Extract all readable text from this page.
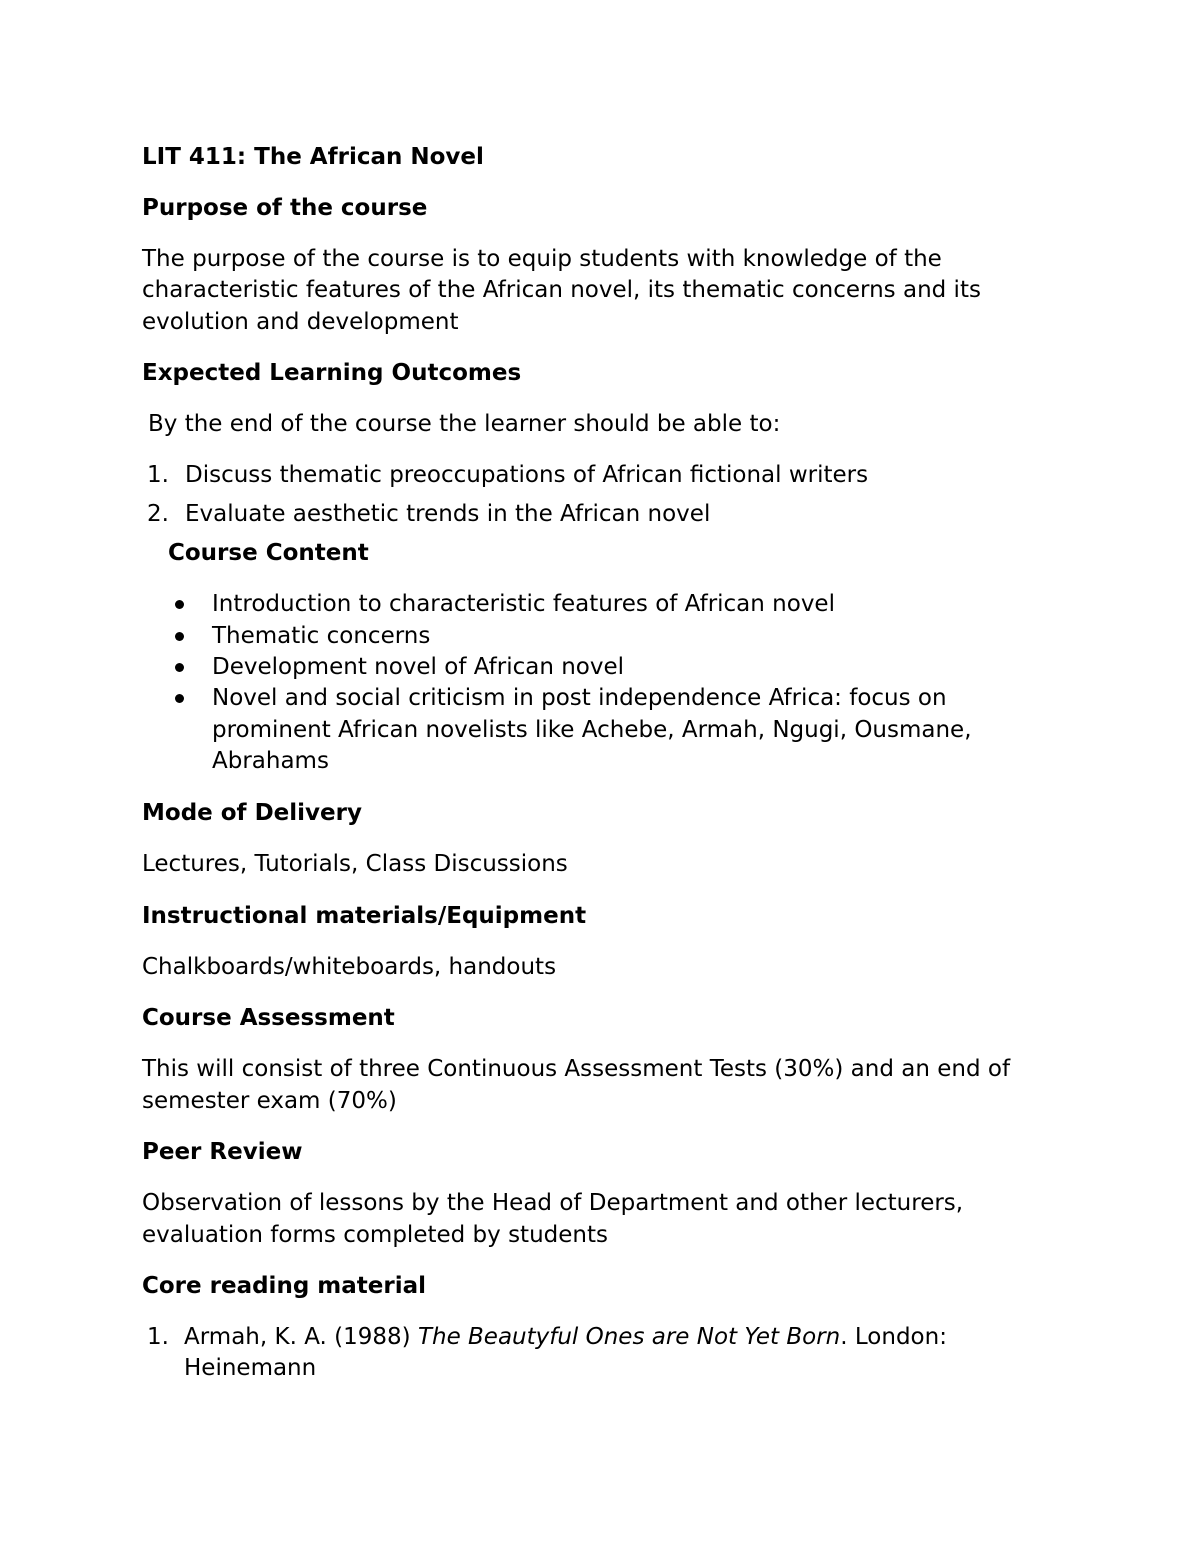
LIT 411: The African Novel
Purpose of the course
The purpose of the course is to equip students with knowledge of the
characteristic features of the African novel, its thematic concerns and its
evolution and development
Expected Learning Outcomes
By the end of the course the learner should be able to:
1. Discuss thematic preoccupations of African fictional writers
2. Evaluate aesthetic trends in the African novel
Course Content
Introduction to characteristic features of African novel
Thematic concerns
Development novel of African novel
Novel and social criticism in post independence Africa: focus on
prominent African novelists like Achebe, Armah, Ngugi, Ousmane,
Abrahams
Mode of Delivery
Lectures, Tutorials, Class Discussions
Instructional materials/Equipment
Chalkboards/whiteboards, handouts
Course Assessment
This will consist of three Continuous Assessment Tests (30%) and an end of
semester exam (70%)
Peer Review
Observation of lessons by the Head of Department and other lecturers,
evaluation forms completed by students
Core reading material
1. Armah, K. A. (1988) The Beautyful Ones are Not Yet Born. London:
Heinemann
